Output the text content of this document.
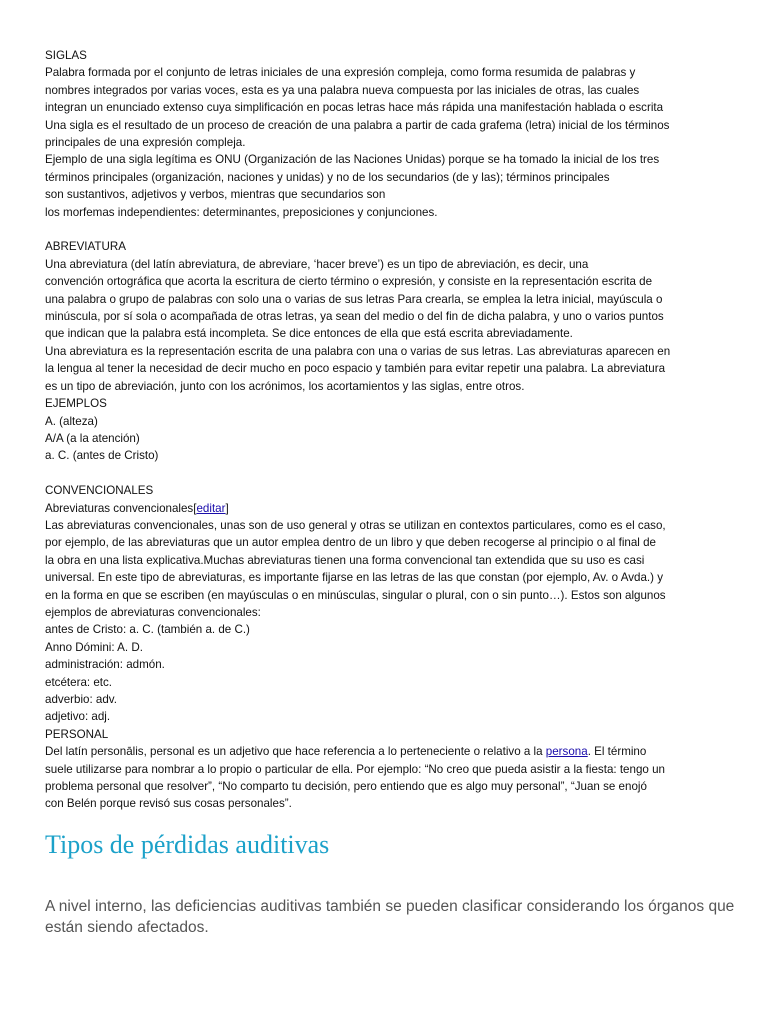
SIGLAS

Palabra formada por el conjunto de letras iniciales de una expresión compleja, como forma resumida de palabras y

nombres integrados por varias voces, esta es ya una palabra nueva compuesta por las iniciales de otras, las cuales

integran un enunciado extenso cuya simplificación en pocas letras hace más rápida una manifestación hablada o escrita

Una sigla es el resultado de un proceso de creación de una palabra a partir de cada grafema (letra) inicial de los términos

principales de una expresión compleja.

Ejemplo de una sigla legítima es ONU (Organización de las Naciones Unidas) porque se ha tomado la inicial de los tres

términos principales (organización, naciones y unidas) y no de los secundarios (de y las); términos principales

son sustantivos, adjetivos y verbos, mientras que secundarios son

los morfemas independientes: determinantes, preposiciones y conjunciones.

ABREVIATURA

Una abreviatura (del latín abreviatura, de abreviare, ‘hacer breve’) es un tipo de abreviación, es decir, una

convención ortográfica que acorta la escritura de cierto término o expresión, y consiste en la representación escrita de

una palabra o grupo de palabras con solo una o varias de sus letras Para crearla, se emplea la letra inicial, mayúscula o

minúscula, por sí sola o acompañada de otras letras, ya sean del medio o del fin de dicha palabra, y uno o varios puntos

que indican que la palabra está incompleta. Se dice entonces de ella que está escrita abreviadamente.

Una abreviatura es la representación escrita de una palabra con una o varias de sus letras. Las abreviaturas aparecen en

la lengua al tener la necesidad de decir mucho en poco espacio y también para evitar repetir una palabra. La abreviatura

es un tipo de abreviación, junto con los acrónimos, los acortamientos y las siglas, entre otros.

EJEMPLOS

A. (altеza)

A/A (a la atención)

a. C. (antes de Cristo)

CONVENCIONALES

Abreviaturas convencionales[editar]

Las abreviaturas convencionales, unas son de uso general y otras se utilizan en contextos particulares, como es el caso,

por ejemplo, de las abreviaturas que un autor emplea dentro de un libro y que deben recogerse al principio o al final de

la obra en una lista explicativa.Muchas abreviaturas tienen una forma convencional tan extendida que su uso es casi

universal. En este tipo de abreviaturas, es importante fijarse en las letras de las que constan (por ejemplo, Av. o Avda.) y

en la forma en que se escriben (en mayúsculas o en minúsculas, singular o plural, con o sin punto…). Estos son algunos

ejemplos de abreviaturas convencionales:

antes de Cristo: a. C. (también a. de C.)

Anno Dómini: A. D.

administración: admón.

etcétera: etc.

adverbio: adv.

adjetivo: adj.

PERSONAL

Del latín personālis, personal es un adjetivo que hace referencia a lo perteneciente o relativo a la persona. El término

suele utilizarse para nombrar a lo propio o particular de ella. Por ejemplo: “No creo que pueda asistir a la fiesta: tengo un

problema personal que resolver”, “No comparto tu decisión, pero entiendo que es algo muy personal”, “Juan se enojó

con Belén porque revisó sus cosas personales”.

Tipos de pérdidas auditivas

A nivel interno, las deficiencias auditivas también se pueden clasificar considerando los órganos que están siendo afectados.
